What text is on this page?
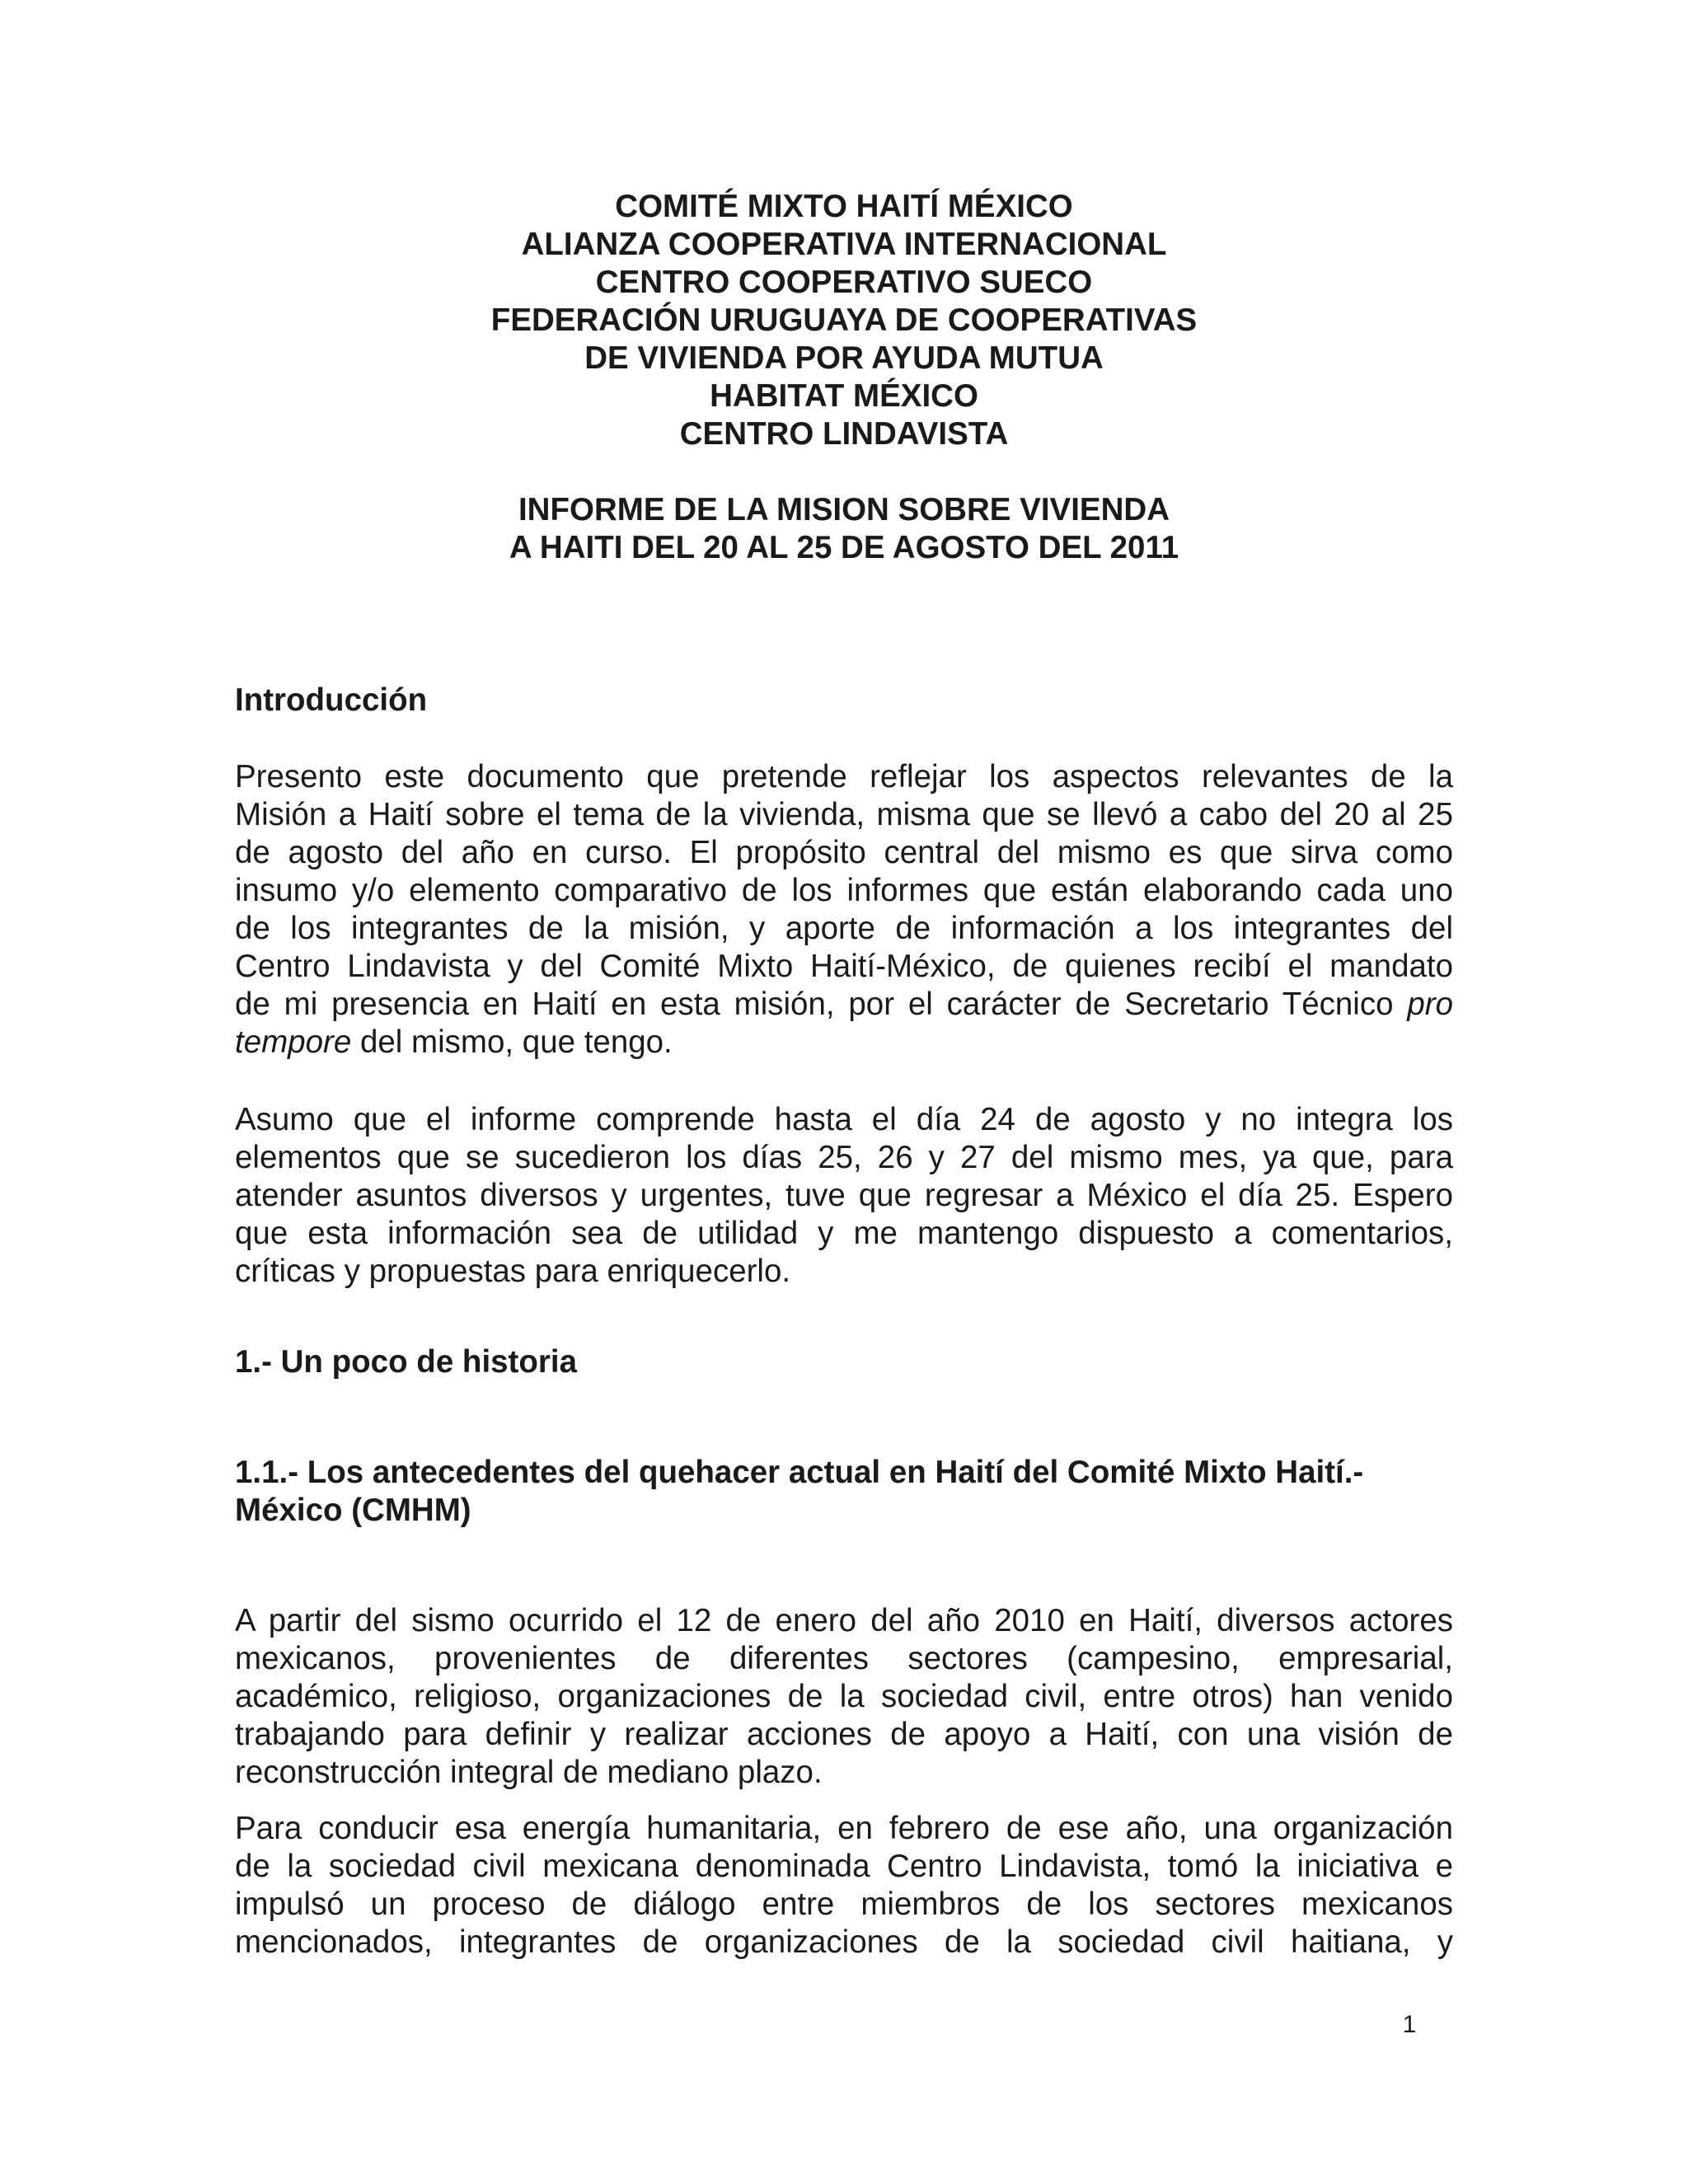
COMITÉ MIXTO HAITÍ MÉXICO
ALIANZA COOPERATIVA INTERNACIONAL
CENTRO COOPERATIVO SUECO
FEDERACIÓN URUGUAYA DE COOPERATIVAS
DE VIVIENDA POR AYUDA MUTUA
HABITAT MÉXICO
CENTRO LINDAVISTA
INFORME DE LA MISION SOBRE VIVIENDA
A HAITI DEL 20 AL 25 DE AGOSTO DEL 2011
Introducción
Presento este documento que pretende reflejar los aspectos relevantes de la
Misión a Haití sobre el tema de la vivienda, misma que se llevó a cabo del 20 al 25
de agosto del año en curso. El propósito central del mismo es que sirva como
insumo y/o elemento comparativo de los informes que están elaborando cada uno
de los integrantes de la misión, y aporte de información a los integrantes del
Centro Lindavista y del Comité Mixto Haití-México, de quienes recibí el mandato
de mi presencia en Haití en esta misión, por el carácter de Secretario Técnico pro
tempore del mismo, que tengo.
Asumo que el informe comprende hasta el día 24 de agosto y no integra los
elementos que se sucedieron los días 25, 26 y 27 del mismo mes, ya que, para
atender asuntos diversos y urgentes, tuve que regresar a México el día 25. Espero
que esta información sea de utilidad y me mantengo dispuesto a comentarios,
críticas y propuestas para enriquecerlo.
1.- Un poco de historia
1.1.- Los antecedentes del quehacer actual en Haití del Comité Mixto Haití.-
México (CMHM)
A partir del sismo ocurrido el 12 de enero del año 2010 en Haití, diversos actores
mexicanos, provenientes de diferentes sectores (campesino, empresarial,
académico, religioso, organizaciones de la sociedad civil, entre otros) han venido
trabajando para definir y realizar acciones de apoyo a Haití, con una visión de
reconstrucción integral de mediano plazo.
Para conducir esa energía humanitaria, en febrero de ese año, una organización
de la sociedad civil mexicana denominada Centro Lindavista, tomó la iniciativa e
impulsó un proceso de diálogo entre miembros de los sectores mexicanos
mencionados, integrantes de organizaciones de la sociedad civil haitiana, y
1
